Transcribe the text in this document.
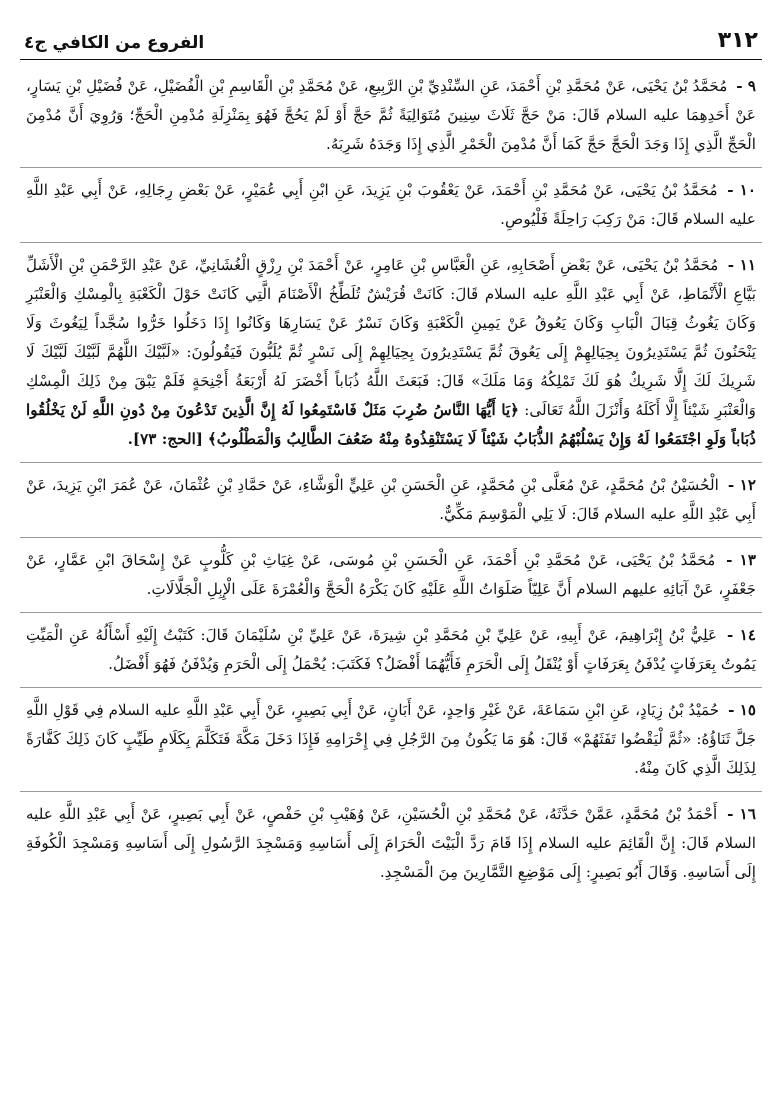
٣١٢
الفروع من الكافي ج٤

٩ - مُحَمَّدُ بْنُ يَحْيَى، عَنْ مُحَمَّدِ بْنِ أَحْمَدَ، عَنِ السِّنْدِيِّ بْنِ الرَّبِيعِ، عَنْ مُحَمَّدِ بْنِ الْقَاسِمِ بْنِ الْفُضَيْلِ، عَنْ فُضَيْلِ بْنِ يَسَارٍ، عَنْ أَحَدِهِمَا عليه السلام قَالَ: مَنْ حَجَّ ثَلَاثَ سِنِينَ مُتَوَالِيَةً ثُمَّ حَجَّ أَوْ لَمْ يَحُجَّ فَهُوَ بِمَنْزِلَةِ مُدْمِنِ الْحَجِّ؛ وَرُوِيَ أَنَّ مُدْمِنَ الْحَجِّ الَّذِي إِذَا وَجَدَ الْحَجَّ حَجَّ كَمَا أَنَّ مُدْمِنَ الْخَمْرِ الَّذِي إِذَا وَجَدَهُ شَرِبَهُ.

١٠ - مُحَمَّدُ بْنُ يَحْيَى، عَنْ مُحَمَّدِ بْنِ أَحْمَدَ، عَنْ يَعْقُوبَ بْنِ يَزِيدَ، عَنِ ابْنِ أَبِي عُمَيْرٍ، عَنْ بَعْضِ رِجَالِهِ، عَنْ أَبِي عَبْدِ اللَّهِ عليه السلام قَالَ: مَنْ رَكِبَ رَاحِلَةً فَلْيُوصِ.

١١ - مُحَمَّدُ بْنُ يَحْيَى، عَنْ بَعْضِ أَصْحَابِهِ، عَنِ الْعَبَّاسِ بْنِ عَامِرٍ، عَنْ أَحْمَدَ بْنِ رِزْقٍ الْغُشَانِيِّ، عَنْ عَبْدِ الرَّحْمَنِ بْنِ الْأَشَلِّ بَيَّاعِ الْأَنْمَاطِ، عَنْ أَبِي عَبْدِ اللَّهِ عليه السلام قَالَ: كَانَتْ قُرَيْشٌ تُلَطِّخُ الْأَصْنَامَ الَّتِي كَانَتْ حَوْلَ الْكَعْبَةِ بِالْمِسْكِ وَالْعَنْبَرِ وَكَانَ يَغُوثُ قِبَالَ الْبَابِ وَكَانَ يَعُوقُ عَنْ يَمِينِ الْكَعْبَةِ وَكَانَ نَسْرٌ عَنْ يَسَارِهَا وَكَانُوا إِذَا دَخَلُوا خَرُّوا سُجَّداً لِيَغُوثَ وَلَا يَنْحَنُونَ ثُمَّ يَسْتَدِيرُونَ بِحِيَالِهِمْ إِلَى يَعُوقَ ثُمَّ يَسْتَدِيرُونَ بِحِيَالِهِمْ إِلَى نَسْرٍ ثُمَّ يُلَبُّونَ فَيَقُولُونَ: «لَبَّيْكَ اللَّهُمَّ لَبَّيْكَ لَبَّيْكَ لَا شَرِيكَ لَكَ إِلَّا شَرِيكٌ هُوَ لَكَ تَمْلِكُهُ وَمَا مَلَكَ» قَالَ: فَبَعَثَ اللَّهُ ذُبَاباً أَخْضَرَ لَهُ أَرْبَعَةُ أَجْنِحَةٍ فَلَمْ يَبْقَ مِنْ ذَلِكَ الْمِسْكِ وَالْعَنْبَرِ شَيْئاً إِلَّا أَكَلَهُ وَأَنْزَلَ اللَّهُ تَعَالَى: ﴿يَا أَيُّهَا النَّاسُ ضُرِبَ مَثَلٌ فَاسْتَمِعُوا لَهُ إِنَّ الَّذِينَ تَدْعُونَ مِنْ دُونِ اللَّهِ لَنْ يَخْلُقُوا ذُبَاباً وَلَوِ اجْتَمَعُوا لَهُ وَإِنْ يَسْلُبْهُمُ الذُّبَابُ شَيْئاً لَا يَسْتَنْقِذُوهُ مِنْهُ ضَعُفَ الطَّالِبُ وَالْمَطْلُوبُ﴾ [الحج: ٧٣].

١٢ - الْحُسَيْنُ بْنُ مُحَمَّدٍ، عَنْ مُعَلَّى بْنِ مُحَمَّدٍ، عَنِ الْحَسَنِ بْنِ عَلِيٍّ الْوَشَّاءِ، عَنْ حَمَّادِ بْنِ عُثْمَانَ، عَنْ عُمَرَ ابْنِ يَزِيدَ، عَنْ أَبِي عَبْدِ اللَّهِ عليه السلام قَالَ: لَا يَلِي الْمَوْسِمَ مَكِّيٌّ.

١٣ - مُحَمَّدُ بْنُ يَحْيَى، عَنْ مُحَمَّدِ بْنِ أَحْمَدَ، عَنِ الْحَسَنِ بْنِ مُوسَى، عَنْ غِيَاثِ بْنِ كَلُّوبٍ عَنْ إِسْحَاقَ ابْنِ عَمَّارٍ، عَنْ جَعْفَرٍ، عَنْ آبَائِهِ عليهم السلام أَنَّ عَلِيّاً صَلَوَاتُ اللَّهِ عَلَيْهِ كَانَ يَكْرَهُ الْحَجَّ وَالْعُمْرَةَ عَلَى الْإِبِلِ الْجَلَّالَاتِ.

١٤ - عَلِيُّ بْنُ إِبْرَاهِيمَ، عَنْ أَبِيهِ، عَنْ عَلِيِّ بْنِ مُحَمَّدِ بْنِ شِيرَةَ، عَنْ عَلِيِّ بْنِ سُلَيْمَانَ قَالَ: كَتَبْتُ إِلَيْهِ أَسْأَلُهُ عَنِ الْمَيِّتِ يَمُوتُ بِعَرَفَاتٍ يُدْفَنُ بِعَرَفَاتٍ أَوْ يُنْقَلُ إِلَى الْحَرَمِ فَأَيُّهُمَا أَفْضَلُ؟ فَكَتَبَ: يُحْمَلُ إِلَى الْحَرَمِ وَيُدْفَنُ فَهُوَ أَفْضَلُ.

١٥ - حُمَيْدُ بْنُ زِيَادٍ، عَنِ ابْنِ سَمَاعَةَ، عَنْ غَيْرِ وَاحِدٍ، عَنْ أَبَانٍ، عَنْ أَبِي بَصِيرٍ، عَنْ أَبِي عَبْدِ اللَّهِ عليه السلام فِي قَوْلِ اللَّهِ جَلَّ ثَنَاؤُهُ: «ثُمَّ لْيَقْضُوا تَفَثَهُمْ» قَالَ: هُوَ مَا يَكُونُ مِنَ الرَّجُلِ فِي إِحْرَامِهِ فَإِذَا دَخَلَ مَكَّةَ فَتَكَلَّمَ بِكَلَامٍ طَيِّبٍ كَانَ ذَلِكَ كَفَّارَةً لِذَلِكَ الَّذِي كَانَ مِنْهُ.

١٦ - أَحْمَدُ بْنُ مُحَمَّدٍ، عَمَّنْ حَدَّثَهُ، عَنْ مُحَمَّدِ بْنِ الْحُسَيْنِ، عَنْ وُهَيْبِ بْنِ حَفْصٍ، عَنْ أَبِي بَصِيرٍ، عَنْ أَبِي عَبْدِ اللَّهِ عليه السلام قَالَ: إِنَّ الْقَائِمَ عليه السلام إِذَا قَامَ رَدَّ الْبَيْتَ الْحَرَامَ إِلَى أَسَاسِهِ وَمَسْجِدَ الرَّسُولِ إِلَى أَسَاسِهِ وَمَسْجِدَ الْكُوفَةِ إِلَى أَسَاسِهِ. وَقَالَ أَبُو بَصِيرٍ: إِلَى مَوْضِعِ التَّمَّارِينَ مِنَ الْمَسْجِدِ.
